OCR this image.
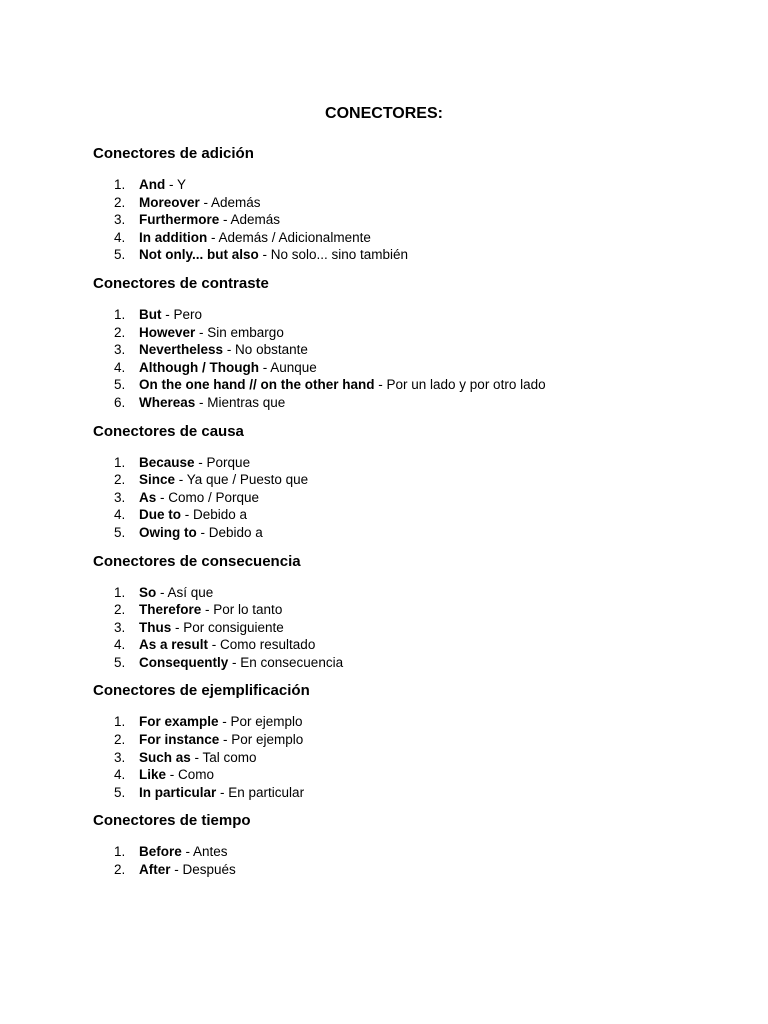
CONECTORES:
Conectores de adición
1.	And - Y
2.	Moreover - Además
3.	Furthermore - Además
4.	In addition - Además / Adicionalmente
5.	Not only... but also - No solo... sino también
Conectores de contraste
1.	But - Pero
2.	However - Sin embargo
3.	Nevertheless - No obstante
4.	Although / Though - Aunque
5.	On the one hand // on the other hand - Por un lado y por otro lado
6.	Whereas - Mientras que
Conectores de causa
1.	Because - Porque
2.	Since - Ya que / Puesto que
3.	As - Como / Porque
4.	Due to - Debido a
5.	Owing to - Debido a
Conectores de consecuencia
1.	So - Así que
2.	Therefore - Por lo tanto
3.	Thus - Por consiguiente
4.	As a result - Como resultado
5.	Consequently - En consecuencia
Conectores de ejemplificación
1.	For example - Por ejemplo
2.	For instance - Por ejemplo
3.	Such as - Tal como
4.	Like - Como
5.	In particular - En particular
Conectores de tiempo
1.	Before - Antes
2.	After - Después
